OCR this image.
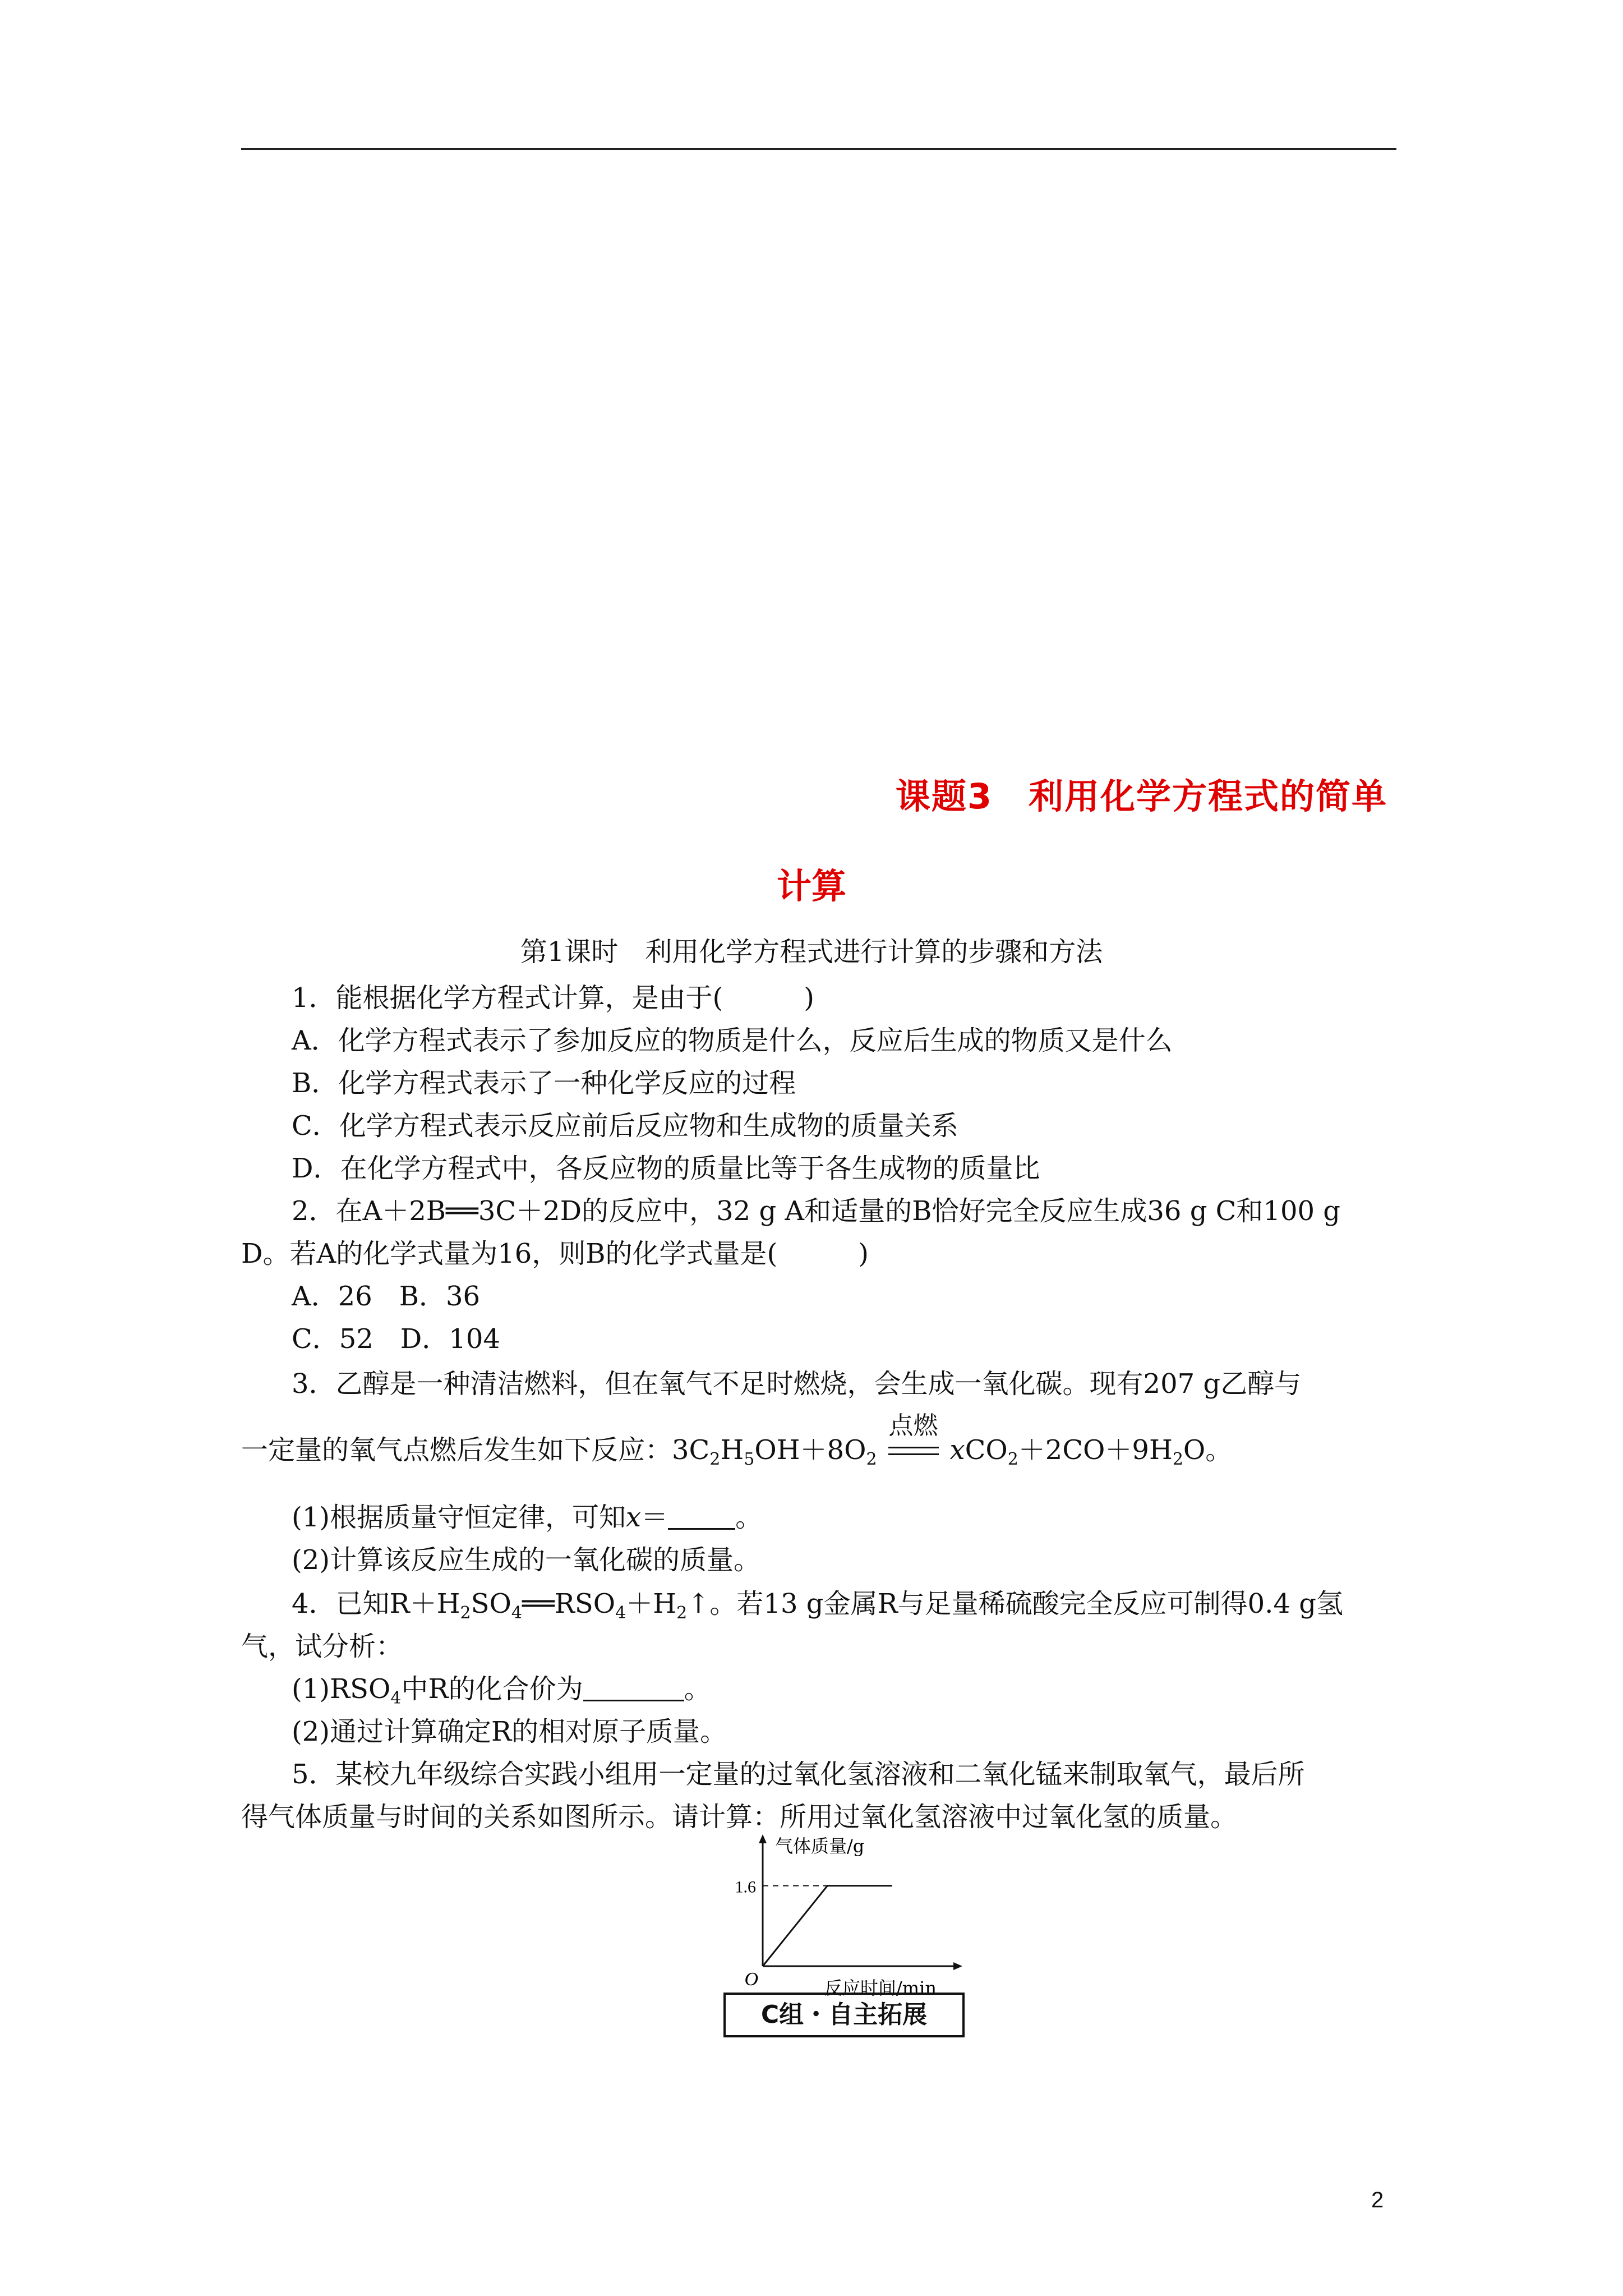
课题3　利用化学方程式的简单
计算
第1课时　利用化学方程式进行计算的步骤和方法
1．能根据化学方程式计算，是由于(　　　)
A．化学方程式表示了参加反应的物质是什么，反应后生成的物质又是什么
B．化学方程式表示了一种化学反应的过程
C．化学方程式表示反应前后反应物和生成物的质量关系
D．在化学方程式中，各反应物的质量比等于各生成物的质量比
2．在A＋2B══3C＋2D的反应中，32 g A和适量的B恰好完全反应生成36 g C和100 g
D。若A的化学式量为16，则B的化学式量是(　　　)
A．26　B．36
C．52　D．104
3．乙醇是一种清洁燃料，但在氧气不足时燃烧，会生成一氧化碳。现有207 g乙醇与
一定量的氧气点燃后发生如下反应：$3C_2H_5OH+8O_2$
点燃
$xCO_2+2CO+9H_2O$。
(1)根据质量守恒定律，可知x＝	。
(2)计算该反应生成的一氧化碳的质量。
4．已知$R+H_2SO_4══RSO_4+H_2↑$。若13 g金属R与足量稀硫酸完全反应可制得0.4 g氢
气，试分析：
$(1)RSO_4$中R的化合价为	。
(2)通过计算确定R的相对原子质量。
5．某校九年级综合实践小组用一定量的过氧化氢溶液和二氧化锰来制取氧气，最后所
得气体质量与时间的关系如图所示。请计算：所用过氧化氢溶液中过氧化氢的质量。
1.6
O
气体质量/g
反应时间/min
C组・自主拓展
2
